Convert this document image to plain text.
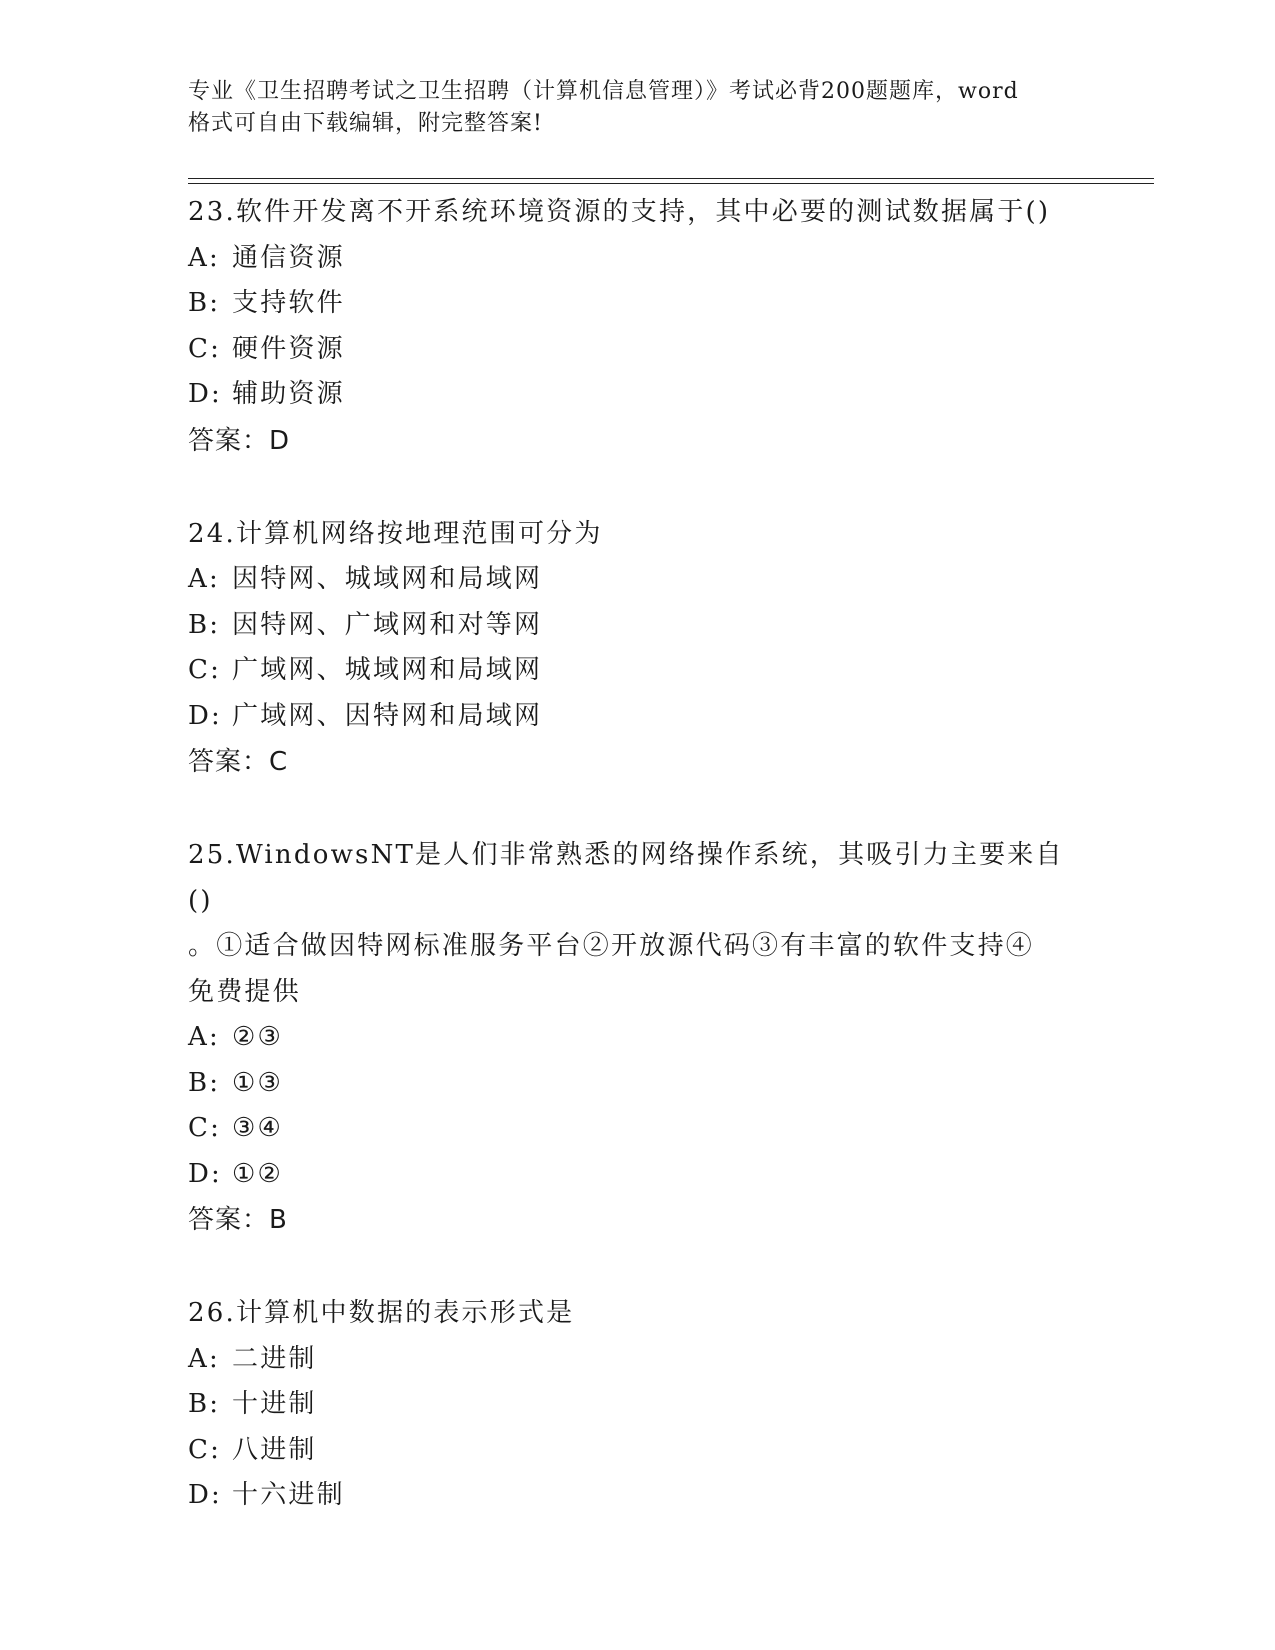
专业《卫生招聘考试之卫生招聘（计算机信息管理）》考试必背200题题库，word
格式可自由下载编辑，附完整答案!
23.软件开发离不开系统环境资源的支持，其中必要的测试数据属于()
A: 通信资源
B: 支持软件
C: 硬件资源
D: 辅助资源
答案：D
24.计算机网络按地理范围可分为
A: 因特网、城域网和局域网
B: 因特网、广域网和对等网
C: 广域网、城域网和局域网
D: 广域网、因特网和局域网
答案：C
25.WindowsNT是人们非常熟悉的网络操作系统，其吸引力主要来自()
。①适合做因特网标准服务平台②开放源代码③有丰富的软件支持④
免费提供
A: ②③
B: ①③
C: ③④
D: ①②
答案：B
26.计算机中数据的表示形式是
A: 二进制
B: 十进制
C: 八进制
D: 十六进制
